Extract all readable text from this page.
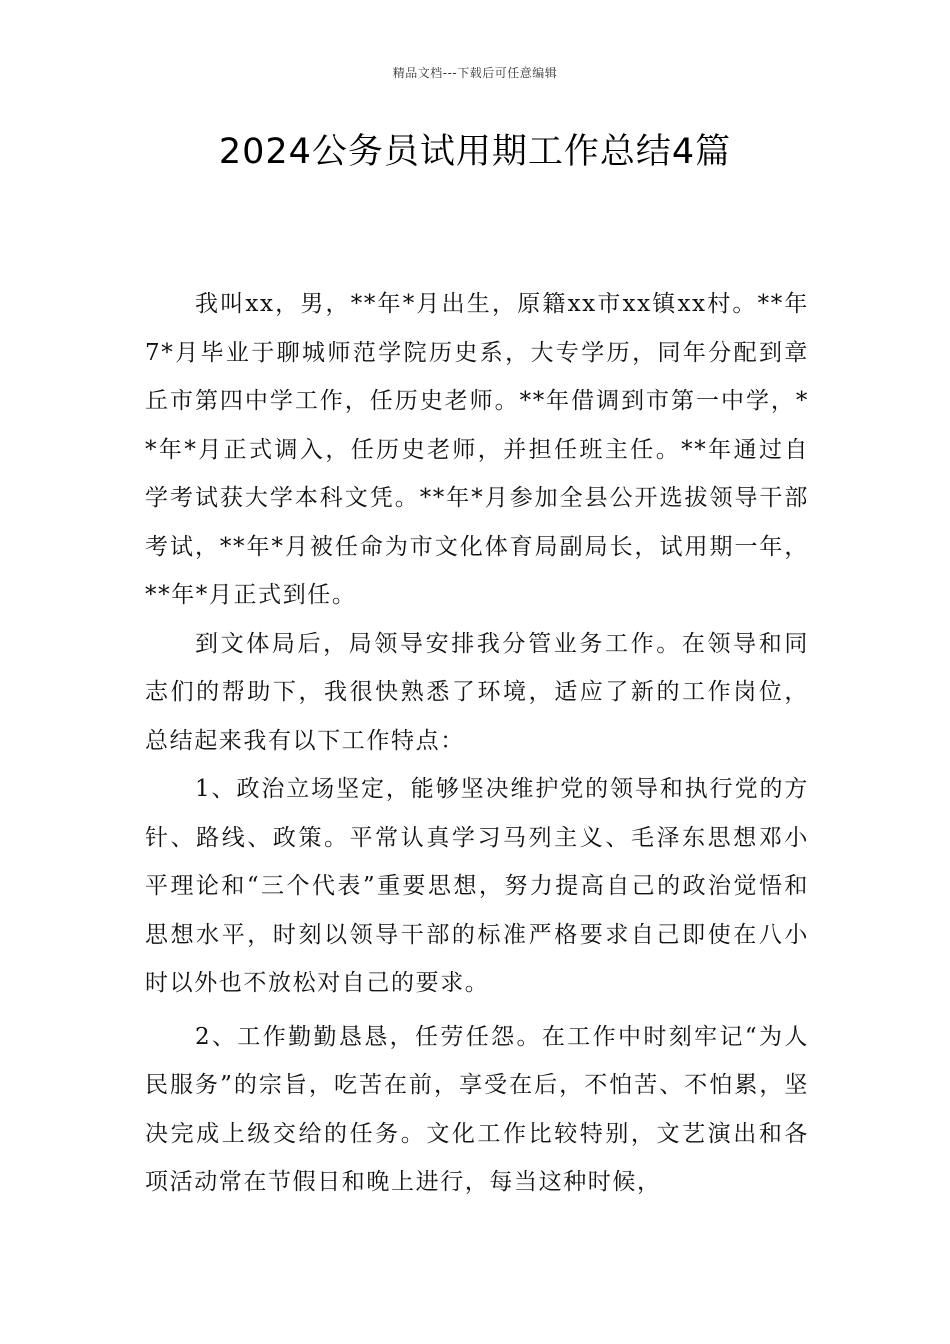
精品文档---下载后可任意编辑
2024公务员试用期工作总结4篇

我叫xx，男，**年*月出生，原籍xx市xx镇xx村。**年7*月毕业于聊城师范学院历史系，大专学历，同年分配到章丘市第四中学工作，任历史老师。**年借调到市第一中学，**年*月正式调入，任历史老师，并担任班主任。**年通过自学考试获大学本科文凭。**年*月参加全县公开选拔领导干部考试，**年*月被任命为市文化体育局副局长，试用期一年，**年*月正式到任。

到文体局后，局领导安排我分管业务工作。在领导和同志们的帮助下，我很快熟悉了环境，适应了新的工作岗位，总结起来我有以下工作特点：

1、政治立场坚定，能够坚决维护党的领导和执行党的方针、路线、政策。平常认真学习马列主义、毛泽东思想邓小平理论和“三个代表”重要思想，努力提高自己的政治觉悟和思想水平，时刻以领导干部的标准严格要求自己即使在八小时以外也不放松对自己的要求。

2、工作勤勤恳恳，任劳任怨。在工作中时刻牢记“为人民服务”的宗旨，吃苦在前，享受在后，不怕苦、不怕累，坚决完成上级交给的任务。文化工作比较特别，文艺演出和各项活动常在节假日和晚上进行，每当这种时候，
